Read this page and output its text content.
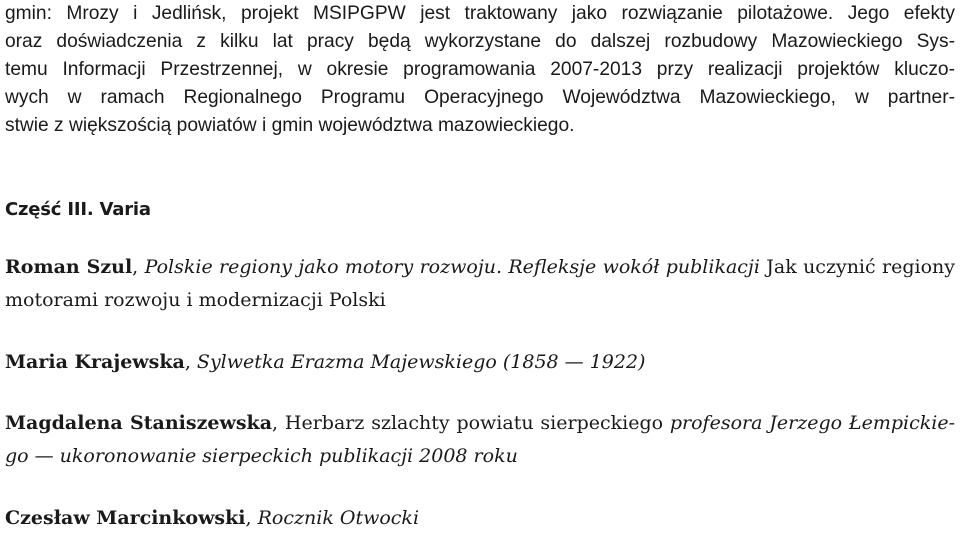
gmin: Mrozy i Jedlińsk, projekt MSIPGPW jest traktowany jako rozwiązanie pilotażowe. Jego efekty
oraz doświadczenia z kilku lat pracy będą wykorzystane do dalszej rozbudowy Mazowieckiego Sys-
temu Informacji Przestrzennej, w okresie programowania 2007-2013 przy realizacji projektów kluczo-
wych w ramach Regionalnego Programu Operacyjnego Województwa Mazowieckiego, w partner-
stwie z większością powiatów i gmin województwa mazowieckiego.
Część III. Varia
Roman Szul, Polskie regiony jako motory rozwoju. Refleksje wokół publikacji Jak uczynić regiony
motorami rozwoju i modernizacji Polski
Maria Krajewska, Sylwetka Erazma Majewskiego (1858 — 1922)
Magdalena Staniszewska, Herbarz szlachty powiatu sierpeckiego profesora Jerzego Łempickie-
go — ukoronowanie sierpeckich publikacji 2008 roku
Czesław Marcinkowski, Rocznik Otwocki
